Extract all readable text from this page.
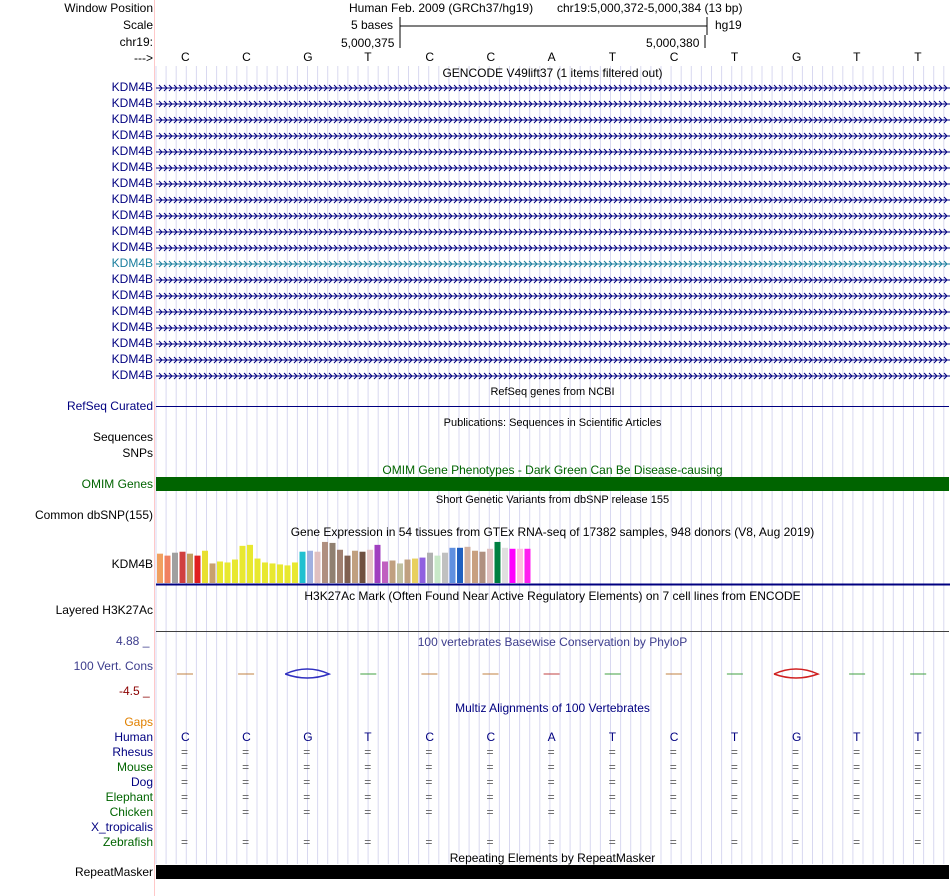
Window Position
Scale
chr19:
--->
Human Feb. 2009 (GRCh37/hg19) chr19:5,000,372-5,000,384 (13 bp)
5 bases	hg19
5,000,375	5,000,380
GENCODE V49lift37 (1 items filtered out)
RefSeq genes from NCBI
RefSeq Curated
Publications: Sequences in Scientific Articles
Sequences
SNPs
OMIM Gene Phenotypes - Dark Green Can Be Disease-causing
OMIM Genes
Short Genetic Variants from dbSNP release 155
Common dbSNP(155)
Gene Expression in 54 tissues from GTEx RNA-seq of 17382 samples, 948 donors (V8, Aug 2019)
KDM4B
H3K27Ac Mark (Often Found Near Active Regulatory Elements) on 7 cell lines from ENCODE
Layered H3K27Ac
100 vertebrates Basewise Conservation by PhyloP
4.88 _
100 Vert. Cons
-4.5 _
Multiz Alignments of 100 Vertebrates
Gaps
Repeating Elements by RepeatMasker
RepeatMasker
C	C	G	T	C	C	A	T	C	T	G	T	T
KDM4B
KDM4B
KDM4B
KDM4B
KDM4B
KDM4B
KDM4B
KDM4B
KDM4B
KDM4B
KDM4B
KDM4B
KDM4B
KDM4B
KDM4B
KDM4B
KDM4B
KDM4B
KDM4B
Human C	C	G	T	C	C	A	T	C	T	G	T	T
Rhesus =	=	=	=	=	=	=	=	=	=	=	=	=
Mouse =	=	=	=	=	=	=	=	=	=	=	=	=
Dog =	=	=	=	=	=	=	=	=	=	=	=	=
Elephant =	=	=	=	=	=	=	=	=	=	=	=	=
Chicken =	=	=	=	=	=	=	=	=	=	=	=	=
X_tropicalis
Zebrafish =	=	=	=	=	=	=	=	=	=	=	=	=
